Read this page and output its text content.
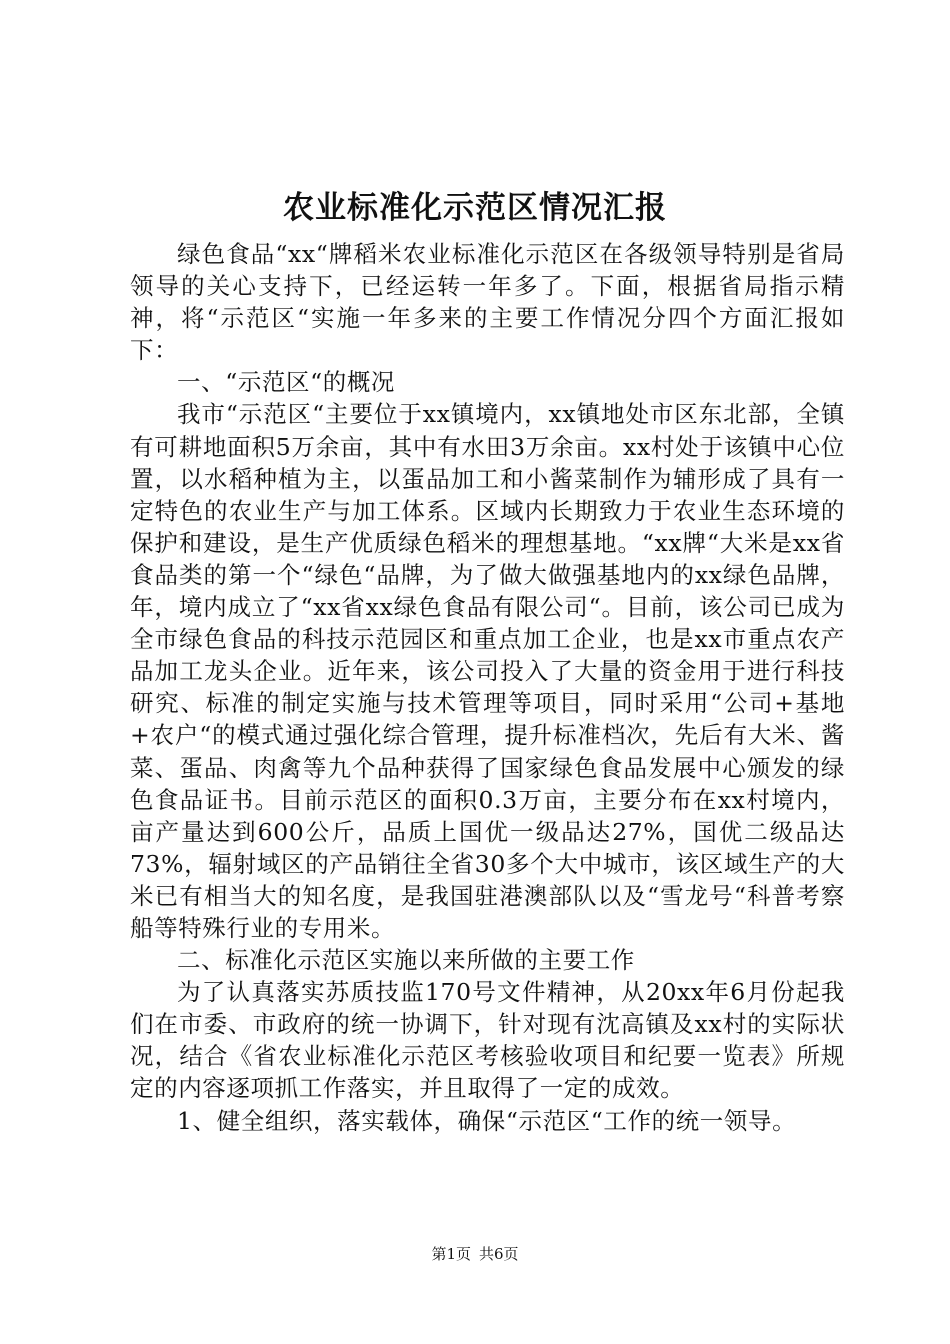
农业标准化示范区情况汇报

绿色食品“xx“牌稻米农业标准化示范区在各级领导特别是省局领导的关心支持下，已经运转一年多了。下面，根据省局指示精神，将“示范区“实施一年多来的主要工作情况分四个方面汇报如下：

一、“示范区“的概况

我市“示范区“主要位于xx镇境内，xx镇地处市区东北部，全镇有可耕地面积5万余亩，其中有水田3万余亩。xx村处于该镇中心位置，以水稻种植为主，以蛋品加工和小酱菜制作为辅形成了具有一定特色的农业生产与加工体系。区域内长期致力于农业生态环境的保护和建设，是生产优质绿色稻米的理想基地。“xx牌“大米是xx省食品类的第一个“绿色“品牌，为了做大做强基地内的xx绿色品牌，年，境内成立了“xx省xx绿色食品有限公司“。目前，该公司已成为全市绿色食品的科技示范园区和重点加工企业，也是xx市重点农产品加工龙头企业。近年来，该公司投入了大量的资金用于进行科技研究、标准的制定实施与技术管理等项目，同时采用“公司+基地+农户“的模式通过强化综合管理，提升标准档次，先后有大米、酱菜、蛋品、肉禽等九个品种获得了国家绿色食品发展中心颁发的绿色食品证书。目前示范区的面积0.3万亩，主要分布在xx村境内，亩产量达到600公斤，品质上国优一级品达27%，国优二级品达73%，辐射域区的产品销往全省30多个大中城市，该区域生产的大米已有相当大的知名度，是我国驻港澳部队以及“雪龙号“科普考察船等特殊行业的专用米。

二、标准化示范区实施以来所做的主要工作

为了认真落实苏质技监170号文件精神，从20xx年6月份起我们在市委、市政府的统一协调下，针对现有沈高镇及xx村的实际状况，结合《省农业标准化示范区考核验收项目和纪要一览表》所规定的内容逐项抓工作落实，并且取得了一定的成效。

1、健全组织，落实载体，确保“示范区“工作的统一领导。

第1页 共6页
